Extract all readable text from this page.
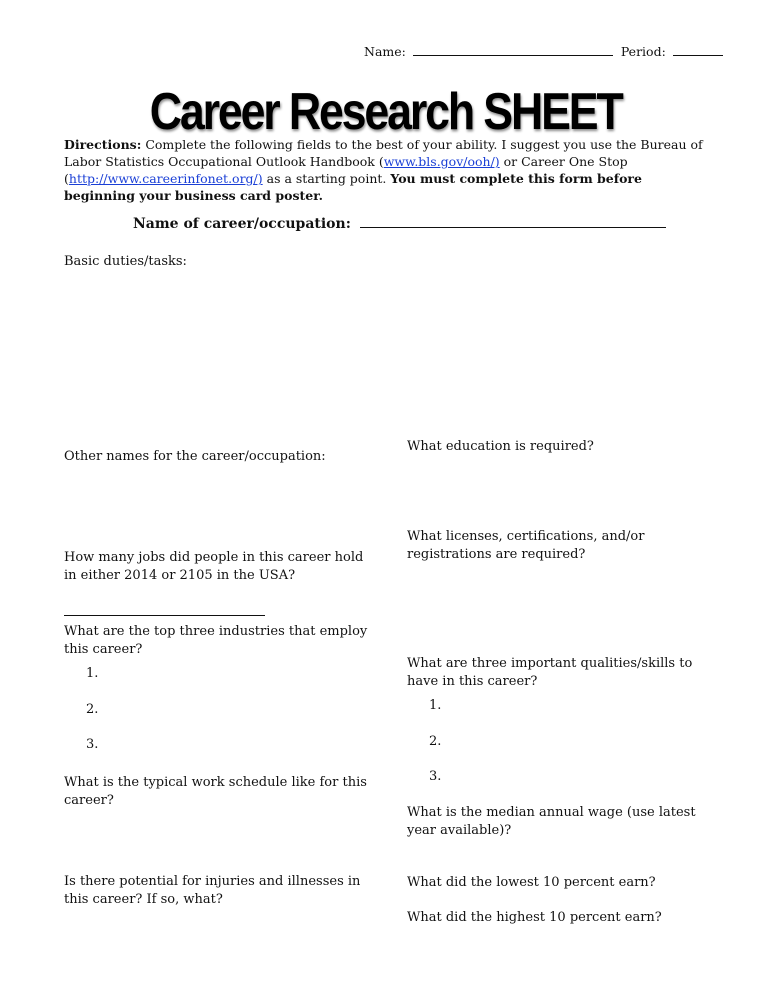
Name:	Period:
Career Research SHEET
Directions: Complete the following fields to the best of your ability. I suggest you use the Bureau of Labor Statistics Occupational Outlook Handbook (www.bls.gov/ooh/) or Career One Stop (http://www.careerinfonet.org/) as a starting point. You must complete this form before beginning your business card poster.
Name of career/occupation:
Basic duties/tasks:
Other names for the career/occupation:
How many jobs did people in this career hold
in either 2014 or 2105 in the USA?
What are the top three industries that employ
this career?
1.
2.
3.
What is the typical work schedule like for this
career?
Is there potential for injuries and illnesses in
this career? If so, what?
What education is required?
What licenses, certifications, and/or
registrations are required?
What are three important qualities/skills to
have in this career?
1.
2.
3.
What is the median annual wage (use latest
year available)?
What did the lowest 10 percent earn?
What did the highest 10 percent earn?
